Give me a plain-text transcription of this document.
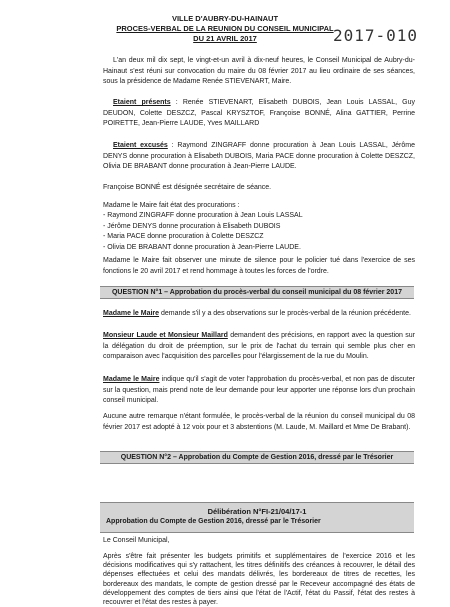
VILLE D'AUBRY-DU-HAINAUT
PROCES-VERBAL DE LA REUNION DU CONSEIL MUNICIPAL
DU 21 AVRIL 2017	2017-010
L'an deux mil dix sept, le vingt-et-un avril à dix-neuf heures, le Conseil Municipal de Aubry-du-Hainaut s'est réuni sur convocation du maire du 08 février 2017 au lieu ordinaire de ses séances, sous la présidence de Madame Renée STIEVENART, Maire.
Etaient présents : Renée STIEVENART, Elisabeth DUBOIS, Jean Louis LASSAL, Guy DEUDON, Colette DESZCZ, Pascal KRYSZTOF, Françoise BONNÉ, Alina GATTIER, Perrine POIRETTE, Jean-Pierre LAUDE, Yves MAILLARD
Etaient excusés : Raymond ZINGRAFF donne procuration à Jean Louis LASSAL, Jérôme DENYS donne procuration à Elisabeth DUBOIS, Maria PACE donne procuration à Colette DESZCZ, Olivia DE BRABANT donne procuration à Jean-Pierre LAUDE.
Françoise BONNÉ est désignée secrétaire de séance.
Madame le Maire fait état des procurations :
- Raymond ZINGRAFF donne procuration à Jean Louis LASSAL
- Jérôme DENYS donne procuration à Elisabeth DUBOIS
- Maria PACE donne procuration à Colette DESZCZ
- Olivia DE BRABANT donne procuration à Jean-Pierre LAUDE.
Madame le Maire fait observer une minute de silence pour le policier tué dans l'exercice de ses fonctions le 20 avril 2017 et rend hommage à toutes les forces de l'ordre.
QUESTION N°1 – Approbation du procès-verbal du conseil municipal du 08 février 2017
Madame le Maire demande s'il y a des observations sur le procès-verbal de la réunion précédente.
Monsieur Laude et Monsieur Maillard demandent des précisions, en rapport avec la question sur la délégation du droit de préemption, sur le prix de l'achat du terrain qui semble plus cher en comparaison avec l'acquisition des parcelles pour l'élargissement de la rue du Moulin.
Madame le Maire indique qu'il s'agit de voter l'approbation du procès-verbal, et non pas de discuter sur la question, mais prend note de leur demande pour leur apporter une réponse lors d'un prochain conseil municipal.
Aucune autre remarque n'étant formulée, le procès-verbal de la réunion du conseil municipal du 08 février 2017 est adopté à 12 voix pour et 3 abstentions (M. Laude, M. Maillard et Mme De Brabant).
QUESTION N°2 – Approbation du Compte de Gestion 2016, dressé par le Trésorier
Délibération N°FI-21/04/17-1
Approbation du Compte de Gestion 2016, dressé par le Trésorier
Le Conseil Municipal,
Après s'être fait présenter les budgets primitifs et supplémentaires de l'exercice 2016 et les décisions modificatives qui s'y rattachent, les titres définitifs des créances à recouvrer, le détail des dépenses effectuées et celui des mandats délivrés, les bordereaux de titres de recettes, les bordereaux des mandats, le compte de gestion dressé par le Receveur accompagné des états de développement des comptes de tiers ainsi que l'état de l'Actif, l'état du Passif, l'état des restes à recouvrer et l'état des restes à payer.
